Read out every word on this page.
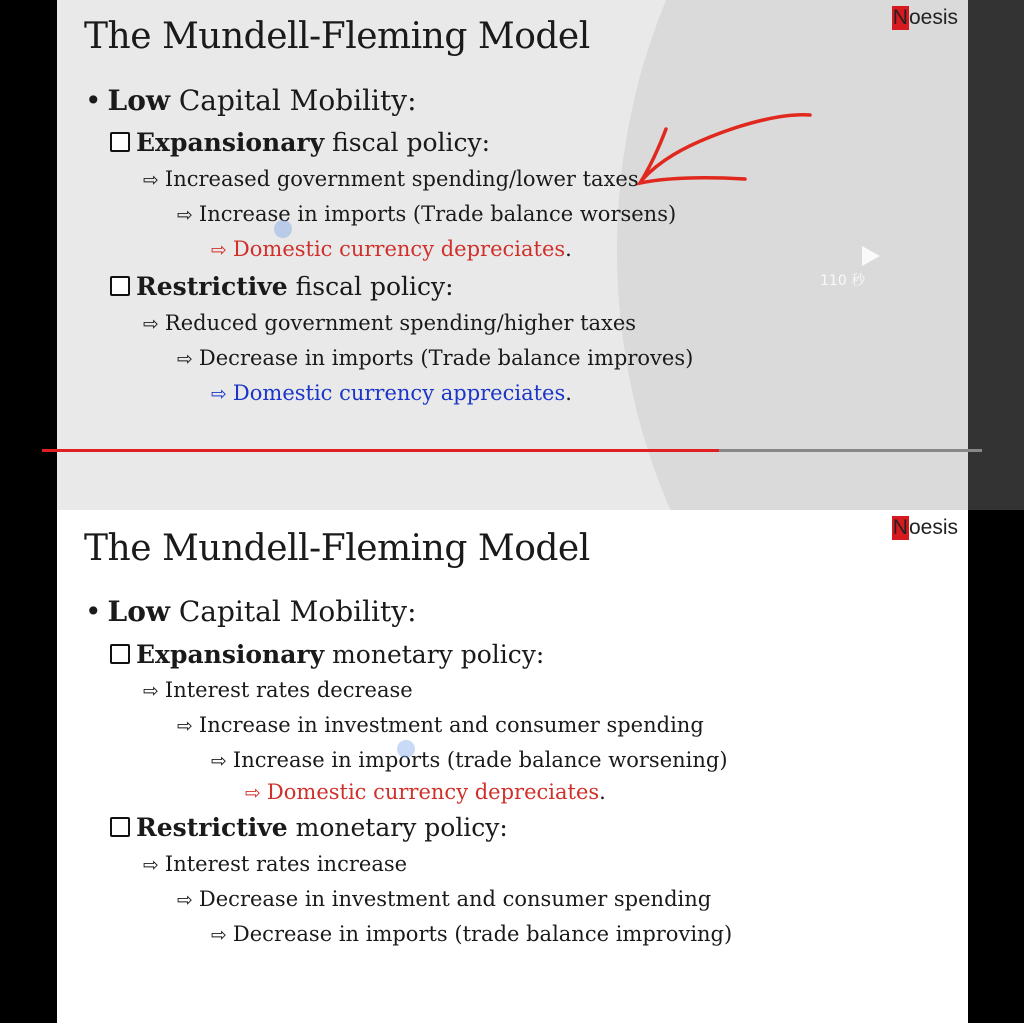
The Mundell-Fleming Model	Noesis
• Low Capital Mobility:
Expansionary fiscal policy:
⇨ Increased government spending/lower taxes
⇨ Increase in imports (Trade balance worsens)
⇨ Domestic currency depreciates.
Restrictive fiscal policy:
⇨ Reduced government spending/higher taxes
⇨ Decrease in imports (Trade balance improves)
⇨ Domestic currency appreciates.
110 秒
The Mundell-Fleming Model
Noesis
• Low Capital Mobility:
Expansionary monetary policy:
⇨ Interest rates decrease
⇨ Increase in investment and consumer spending
⇨ Increase in imports (trade balance worsening)
⇨ Domestic currency depreciates.
Restrictive monetary policy:
⇨ Interest rates increase
⇨ Decrease in investment and consumer spending
⇨ Decrease in imports (trade balance improving)
